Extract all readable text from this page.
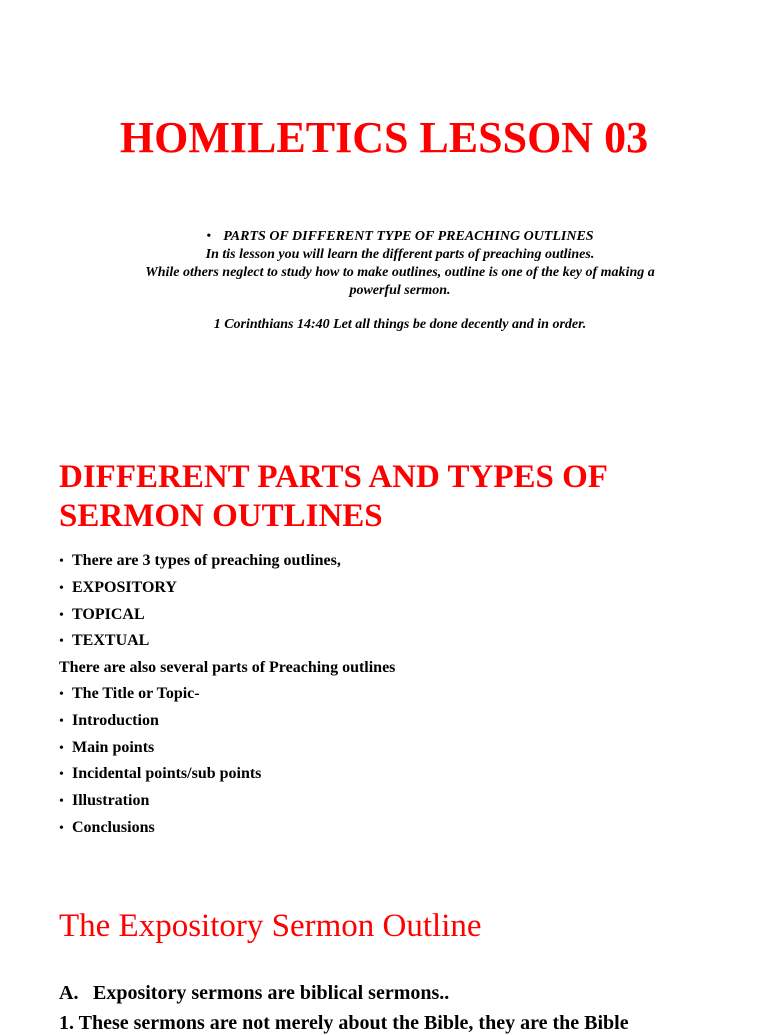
HOMILETICS LESSON 03

• PARTS OF DIFFERENT TYPE OF PREACHING OUTLINES

In tis lesson you will learn the different parts of preaching outlines.

While others neglect to study how to make outlines, outline is one of the key of making a powerful sermon.

1 Corinthians 14:40 Let all things be done decently and in order.

DIFFERENT PARTS AND TYPES OF SERMON OUTLINES
• There are 3 types of preaching outlines,
• EXPOSITORY
• TOPICAL
• TEXTUAL
There are also several parts of Preaching outlines
• The Title or Topic-
• Introduction
• Main points
• Incidental points/sub points
• Illustration
• Conclusions
The Expository Sermon Outline

A. Expository sermons are biblical sermons..

1. These sermons are not merely about the Bible, they are the Bible
